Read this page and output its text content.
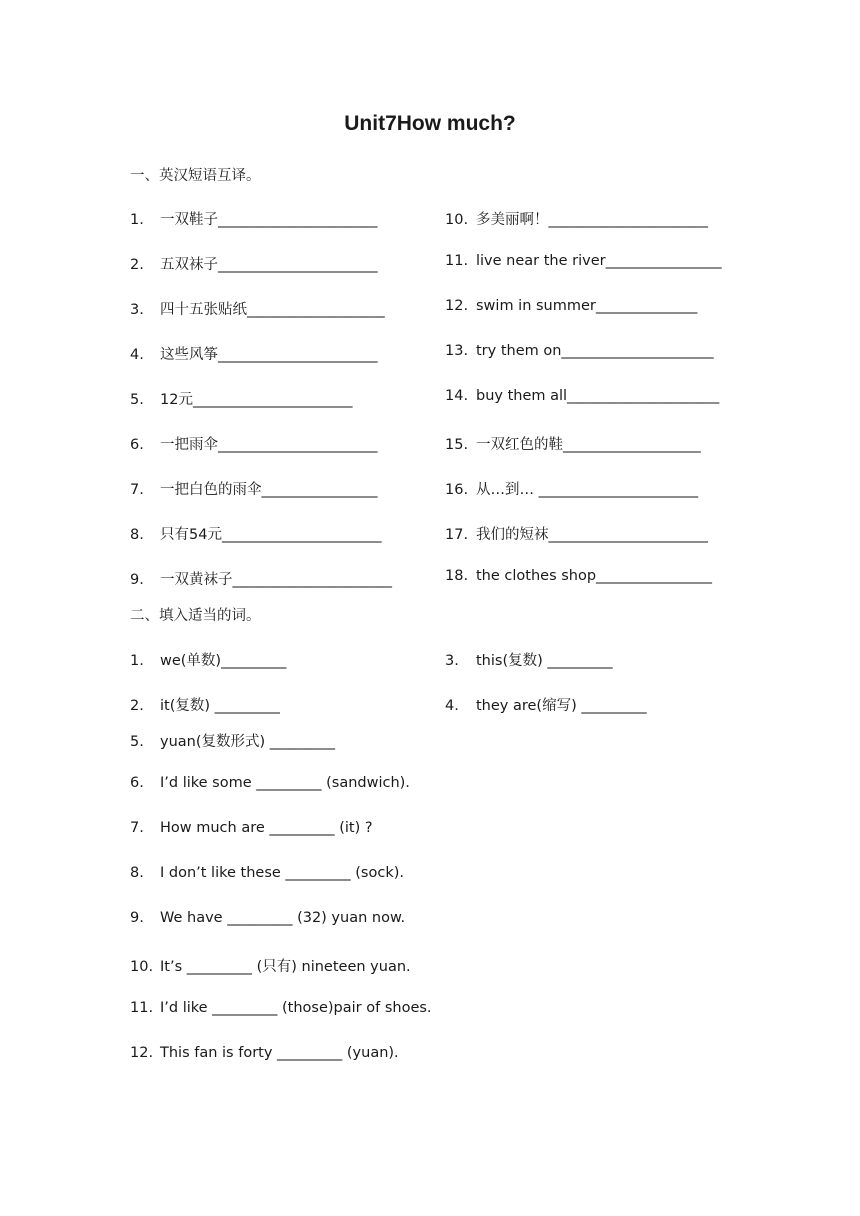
Unit7How much?
一、英汉短语互译。
1. 一双鞋子______________________
2. 五双袜子______________________
3. 四十五张贴纸___________________
4. 这些风筝______________________
5. 12元______________________
6. 一把雨伞______________________
7. 一把白色的雨伞________________
8. 只有54元______________________
9. 一双黄袜子______________________
10. 多美丽啊！______________________
11. live near the river________________
12. swim in summer______________
13. try them on_____________________
14. buy them all_____________________
15. 一双红色的鞋___________________
16. 从…到… ______________________
17. 我们的短袜______________________
18. the clothes shop________________
二、填入适当的词。
1. we(单数)_________
2. it(复数) _________
3. this(复数) _________
4. they are(缩写) _________
5. yuan(复数形式) _________
6. I’d like some _________ (sandwich).
7. How much are _________ (it) ?
8. I don’t like these _________ (sock).
9. We have _________ (32) yuan now.
10. It’s _________ (只有) nineteen yuan.
11. I’d like _________ (those)pair of shoes.
12. This fan is forty _________ (yuan).
